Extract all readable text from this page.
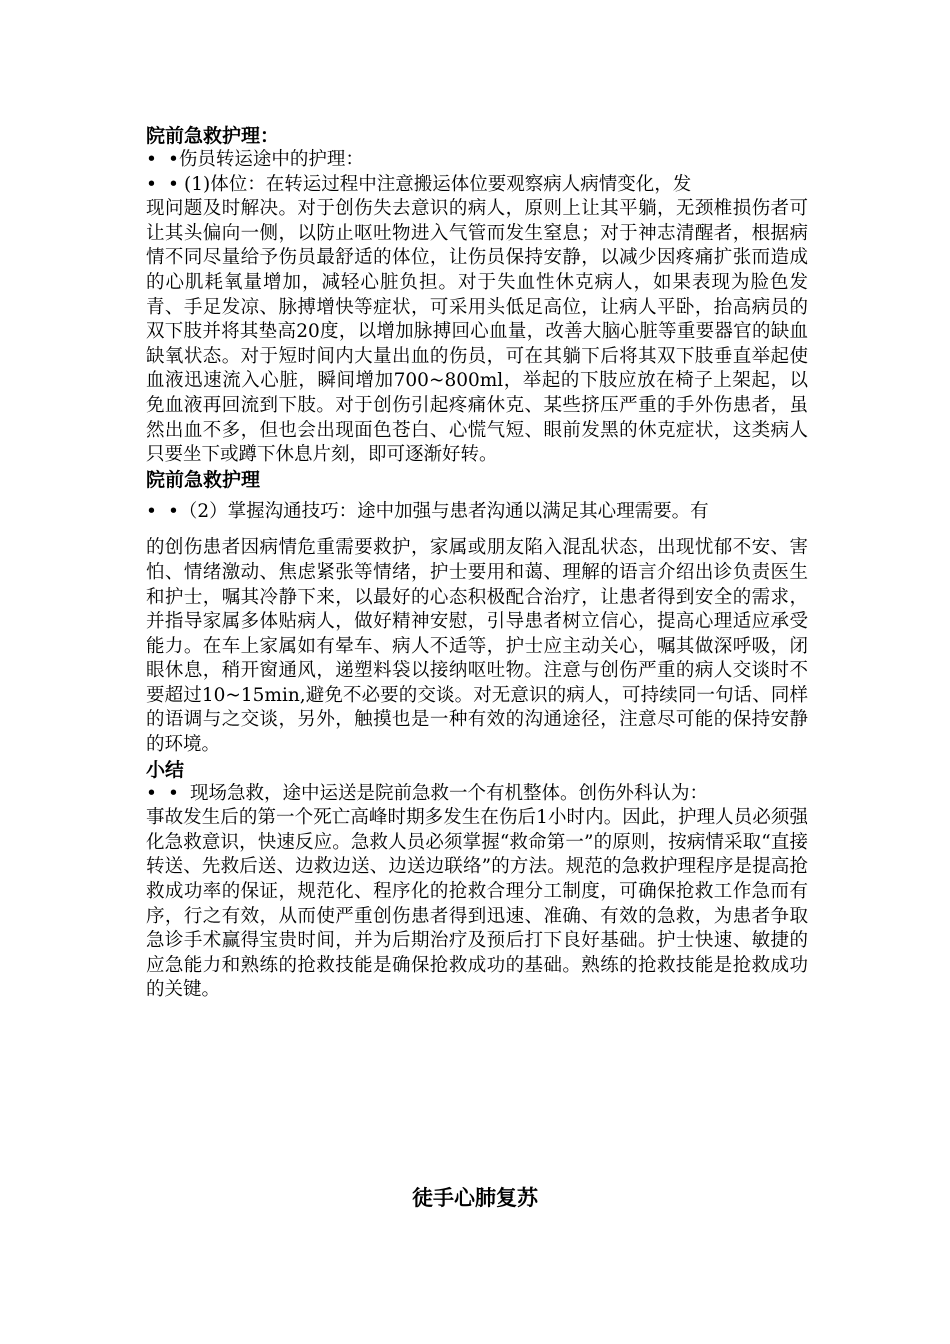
院前急救护理：

• •伤员转运途中的护理：

• • (1)体位：在转运过程中注意搬运体位要观察病人病情变化，发

现问题及时解决。对于创伤失去意识的病人，原则上让其平躺，无颈椎损伤者可让其头偏向一侧，以防止呕吐物进入气管而发生窒息；对于神志清醒者，根据病情不同尽量给予伤员最舒适的体位，让伤员保持安静，以减少因疼痛扩张而造成的心肌耗氧量增加，减轻心脏负担。对于失血性休克病人，如果表现为脸色发青、手足发凉、脉搏增快等症状，可采用头低足高位，让病人平卧，抬高病员的双下肢并将其垫高20度，以增加脉搏回心血量，改善大脑心脏等重要器官的缺血缺氧状态。对于短时间内大量出血的伤员，可在其躺下后将其双下肢垂直举起使血液迅速流入心脏，瞬间增加700~800ml，举起的下肢应放在椅子上架起，以免血液再回流到下肢。对于创伤引起疼痛休克、某些挤压严重的手外伤患者，虽然出血不多，但也会出现面色苍白、心慌气短、眼前发黑的休克症状，这类病人只要坐下或蹲下休息片刻，即可逐渐好转。

院前急救护理

• •（2）掌握沟通技巧：途中加强与患者沟通以满足其心理需要。有

的创伤患者因病情危重需要救护，家属或朋友陷入混乱状态，出现忧郁不安、害怕、情绪激动、焦虑紧张等情绪，护士要用和蔼、理解的语言介绍出诊负责医生和护士，嘱其冷静下来，以最好的心态积极配合治疗，让患者得到安全的需求，并指导家属多体贴病人，做好精神安慰，引导患者树立信心，提高心理适应承受能力。在车上家属如有晕车、病人不适等，护士应主动关心，嘱其做深呼吸，闭眼休息，稍开窗通风，递塑料袋以接纳呕吐物。注意与创伤严重的病人交谈时不要超过10~15min,避免不必要的交谈。对无意识的病人，可持续同一句话、同样的语调与之交谈，另外，触摸也是一种有效的沟通途径，注意尽可能的保持安静的环境。

小结

• • 现场急救，途中运送是院前急救一个有机整体。创伤外科认为：

事故发生后的第一个死亡高峰时期多发生在伤后1小时内。因此，护理人员必须强化急救意识，快速反应。急救人员必须掌握“救命第一”的原则，按病情采取“直接转送、先救后送、边救边送、边送边联络”的方法。规范的急救护理程序是提高抢救成功率的保证，规范化、程序化的抢救合理分工制度，可确保抢救工作急而有序，行之有效，从而使严重创伤患者得到迅速、准确、有效的急救，为患者争取急诊手术赢得宝贵时间，并为后期治疗及预后打下良好基础。护士快速、敏捷的应急能力和熟练的抢救技能是确保抢救成功的基础。熟练的抢救技能是抢救成功的关键。

徒手心肺复苏
